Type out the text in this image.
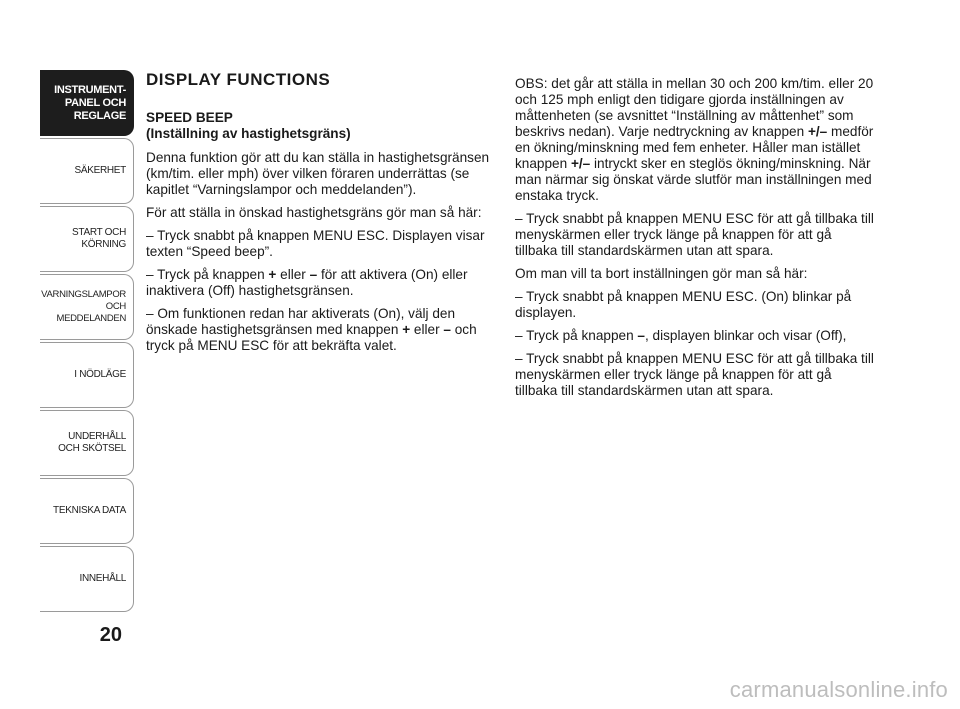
INSTRUMENT-
PANEL OCH
REGLAGE
SÄKERHET
START OCH
KÖRNING
VARNINGSLAMPOR
OCH
MEDDELANDEN
I NÖDLÄGE
UNDERHÅLL
OCH SKÖTSEL
TEKNISKA DATA
INNEHÅLL
20
DISPLAY FUNCTIONS
SPEED BEEP
(Inställning av hastighetsgräns)

Denna funktion gör att du kan ställa in hastighetsgränsen (km/tim. eller mph) över vilken föraren underrättas (se kapitlet “Varningslampor och meddelanden”).

För att ställa in önskad hastighetsgräns gör man så här:

– Tryck snabbt på knappen MENU ESC. Displayen visar texten “Speed beep”.

– Tryck på knappen + eller – för att aktivera (On) eller inaktivera (Off) hastighetsgränsen.

– Om funktionen redan har aktiverats (On), välj den önskade hastighetsgränsen med knappen + eller – och tryck på MENU ESC för att bekräfta valet.

OBS: det går att ställa in mellan 30 och 200 km/tim. eller 20 och 125 mph enligt den tidigare gjorda inställningen av måttenheten (se avsnittet “Inställning av måttenhet” som beskrivs nedan). Varje nedtryckning av knappen +/– medför en ökning/minskning med fem enheter. Håller man istället knappen +/– intryckt sker en steglös ökning/minskning. När man närmar sig önskat värde slutför man inställningen med enstaka tryck.

– Tryck snabbt på knappen MENU ESC för att gå tillbaka till menyskärmen eller tryck länge på knappen för att gå tillbaka till standardskärmen utan att spara.

Om man vill ta bort inställningen gör man så här:

– Tryck snabbt på knappen MENU ESC. (On) blinkar på displayen.

– Tryck på knappen –, displayen blinkar och visar (Off),

– Tryck snabbt på knappen MENU ESC för att gå tillbaka till menyskärmen eller tryck länge på knappen för att gå tillbaka till standardskärmen utan att spara.

carmanualsonline.info
